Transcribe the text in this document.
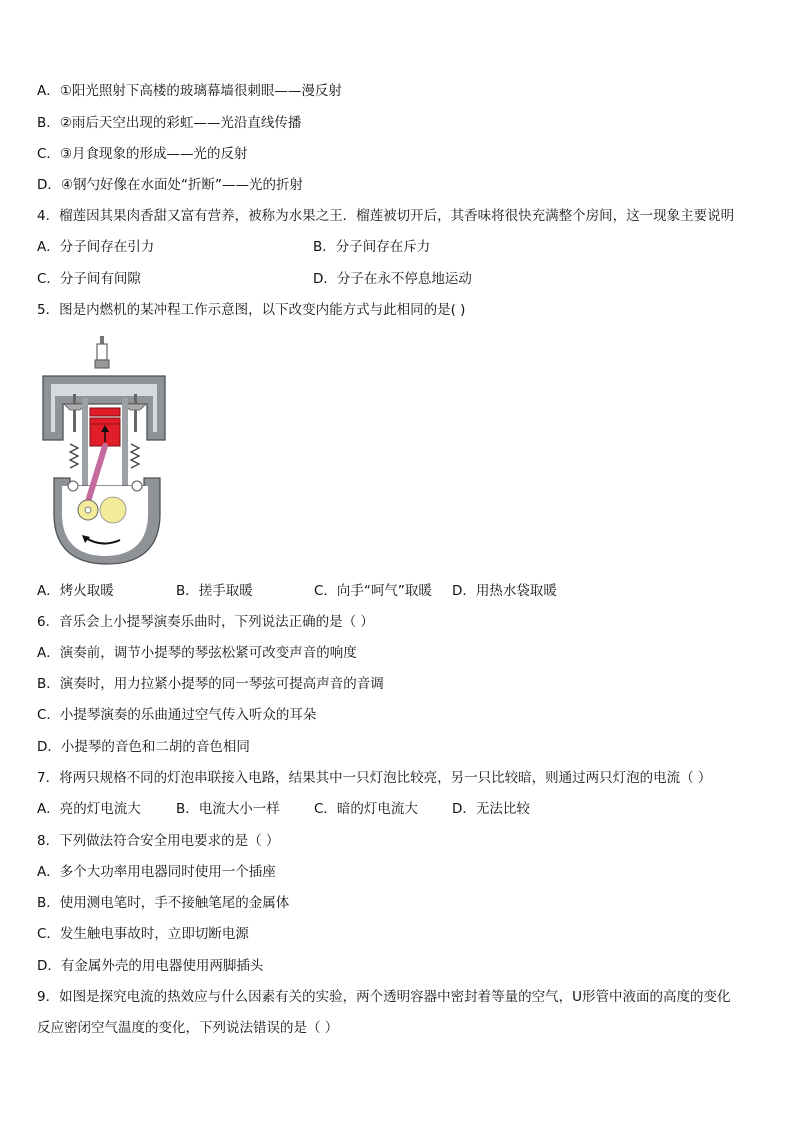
A．①阳光照射下高楼的玻璃幕墙很刺眼——漫反射
B．②雨后天空出现的彩虹——光沿直线传播
C．③月食现象的形成——光的反射
D．④钢勺好像在水面处“折断”——光的折射
4．榴莲因其果肉香甜又富有营养，被称为水果之王．榴莲被切开后，其香味将很快充满整个房间，这一现象主要说明
A．分子间存在引力	B．分子间存在斥力
C．分子间有间隙	D．分子在永不停息地运动
5．图是内燃机的某冲程工作示意图，以下改变内能方式与此相同的是( )
A．烤火取暖	B．搓手取暖	C．向手“呵气”取暖 D．用热水袋取暖
6．音乐会上小提琴演奏乐曲时，下列说法正确的是（ ）
A．演奏前，调节小提琴的琴弦松紧可改变声音的响度
B．演奏时，用力拉紧小提琴的同一琴弦可提高声音的音调
C．小提琴演奏的乐曲通过空气传入听众的耳朵
D．小提琴的音色和二胡的音色相同
7．将两只规格不同的灯泡串联接入电路，结果其中一只灯泡比较亮，另一只比较暗，则通过两只灯泡的电流（ ）
A．亮的灯电流大	B．电流大小一样	C．暗的灯电流大	D．无法比较
8．下列做法符合安全用电要求的是（ ）
A．多个大功率用电器同时使用一个插座
B．使用测电笔时，手不接触笔尾的金属体
C．发生触电事故时，立即切断电源
D．有金属外壳的用电器使用两脚插头
9．如图是探究电流的热效应与什么因素有关的实验，两个透明容器中密封着等量的空气，U形管中液面的高度的变化
反应密闭空气温度的变化，下列说法错误的是（ ）
